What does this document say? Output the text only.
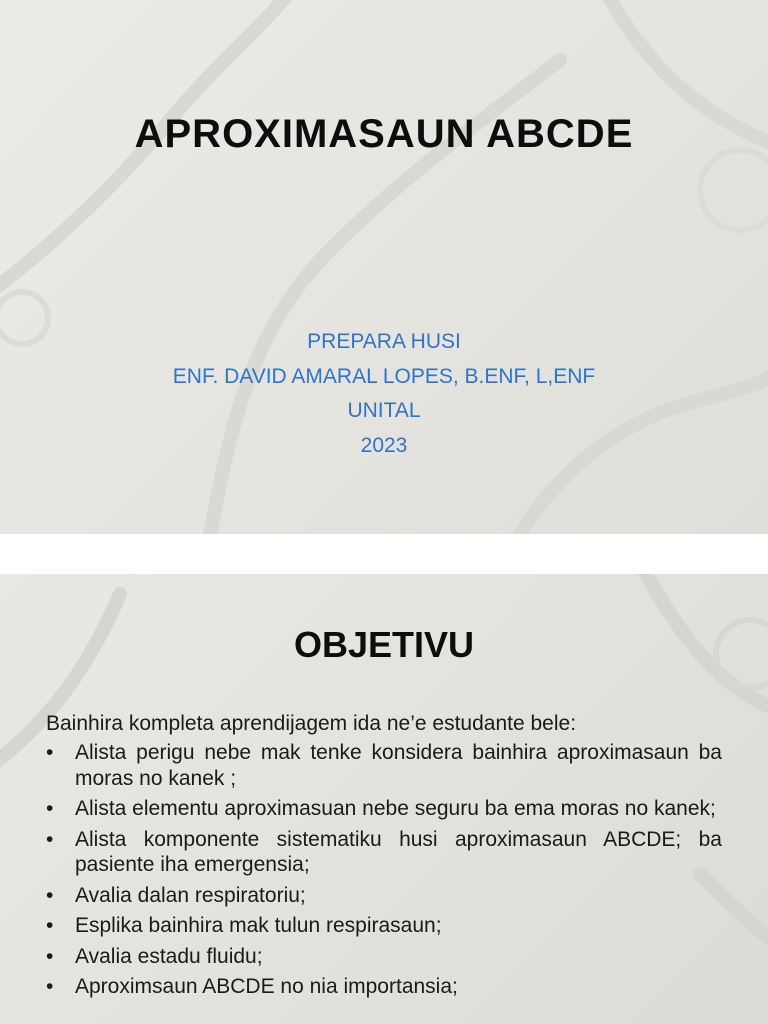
APROXIMASAUN ABCDE
PREPARA HUSI
ENF. DAVID AMARAL LOPES, B.ENF, L,ENF
UNITAL
2023
OBJETIVU
Bainhira kompleta aprendijagem ida ne’e estudante bele:
• Alista perigu nebe mak tenke konsidera bainhira aproximasaun ba moras no kanek ;
• Alista elementu aproximasuan nebe seguru ba ema moras no kanek;
• Alista komponente sistematiku husi aproximasaun ABCDE; ba pasiente iha emergensia;
• Avalia dalan respiratoriu;
• Esplika bainhira mak tulun respirasaun;
• Avalia estadu fluidu;
• Aproximsaun ABCDE no nia importansia;
